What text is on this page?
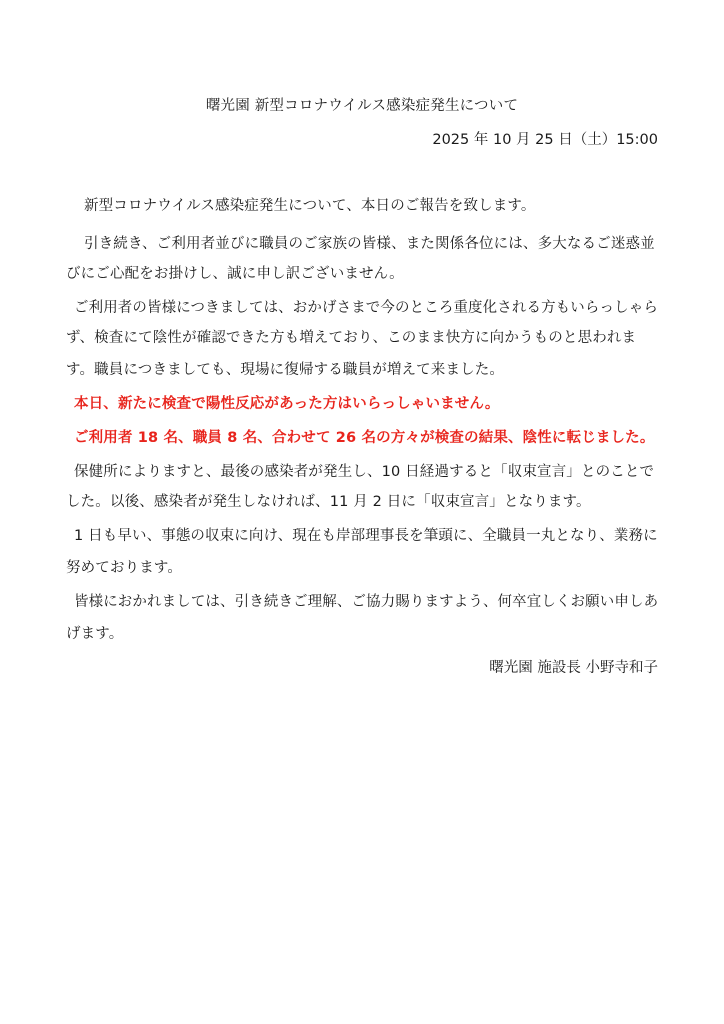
曙光園 新型コロナウイルス感染症発生について
2025 年 10 月 25 日（土）15:00
新型コロナウイルス感染症発生について、本日のご報告を致します。
引き続き、ご利用者並びに職員のご家族の皆様、また関係各位には、多大なるご迷惑並
びにご心配をお掛けし、誠に申し訳ございません。
ご利用者の皆様につきましては、おかげさまで今のところ重度化される方もいらっしゃら
ず、検査にて陰性が確認できた方も増えており、このまま快方に向かうものと思われま
す。職員につきましても、現場に復帰する職員が増えて来ました。
本日、新たに検査で陽性反応があった方はいらっしゃいません。
ご利用者 18 名、職員 8 名、合わせて 26 名の方々が検査の結果、陰性に転じました。
保健所によりますと、最後の感染者が発生し、10 日経過すると「収束宣言」とのことで
した。以後、感染者が発生しなければ、11 月 2 日に「収束宣言」となります。
1 日も早い、事態の収束に向け、現在も岸部理事長を筆頭に、全職員一丸となり、業務に
努めております。
皆様におかれましては、引き続きご理解、ご協力賜りますよう、何卒宜しくお願い申しあ
げます。
曙光園 施設長 小野寺和子
